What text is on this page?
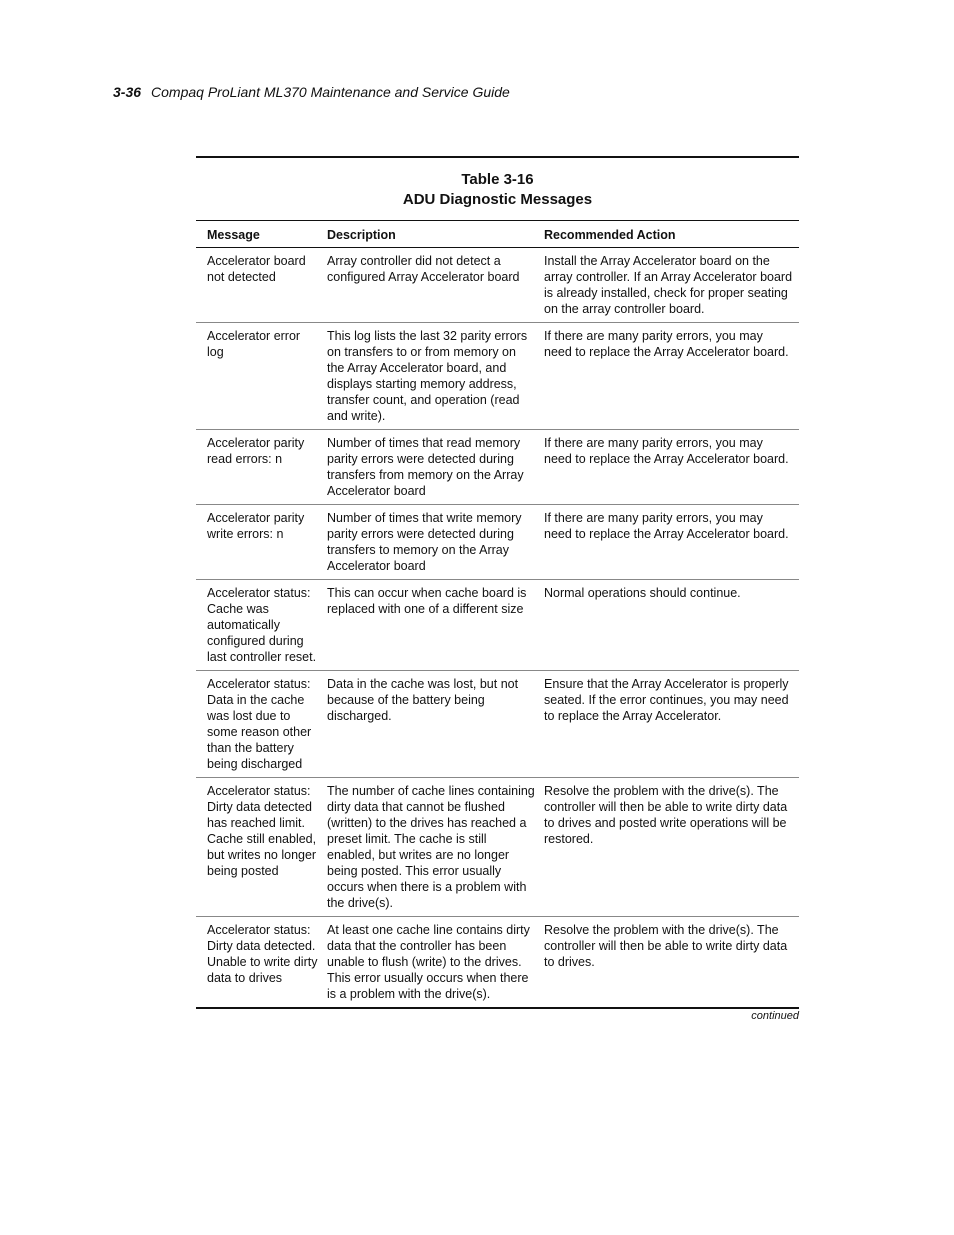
3-36 Compaq ProLiant ML370 Maintenance and Service Guide
Table 3-16
ADU Diagnostic Messages
Message	Description	Recommended Action
Accelerator board not detected	Array controller did not detect a configured Array Accelerator board	Install the Array Accelerator board on the array controller. If an Array Accelerator board is already installed, check for proper seating on the array controller board.
Accelerator error log	This log lists the last 32 parity errors on transfers to or from memory on the Array Accelerator board, and displays starting memory address, transfer count, and operation (read and write).	If there are many parity errors, you may need to replace the Array Accelerator board.
Accelerator parity read errors: n	Number of times that read memory parity errors were detected during transfers from memory on the Array Accelerator board	If there are many parity errors, you may need to replace the Array Accelerator board.
Accelerator parity write errors: n	Number of times that write memory parity errors were detected during transfers to memory on the Array Accelerator board	If there are many parity errors, you may need to replace the Array Accelerator board.
Accelerator status: Cache was automatically configured during last controller reset.	This can occur when cache board is replaced with one of a different size	Normal operations should continue.
Accelerator status: Data in the cache was lost due to some reason other than the battery being discharged	Data in the cache was lost, but not because of the battery being discharged.	Ensure that the Array Accelerator is properly seated. If the error continues, you may need to replace the Array Accelerator.
Accelerator status: Dirty data detected has reached limit. Cache still enabled, but writes no longer being posted	The number of cache lines containing dirty data that cannot be flushed (written) to the drives has reached a preset limit. The cache is still enabled, but writes are no longer being posted. This error usually occurs when there is a problem with the drive(s).	Resolve the problem with the drive(s). The controller will then be able to write dirty data to drives and posted write operations will be restored.
Accelerator status: Dirty data detected. Unable to write dirty data to drives	At least one cache line contains dirty data that the controller has been unable to flush (write) to the drives. This error usually occurs when there is a problem with the drive(s).	Resolve the problem with the drive(s). The controller will then be able to write dirty data to drives.
continued
